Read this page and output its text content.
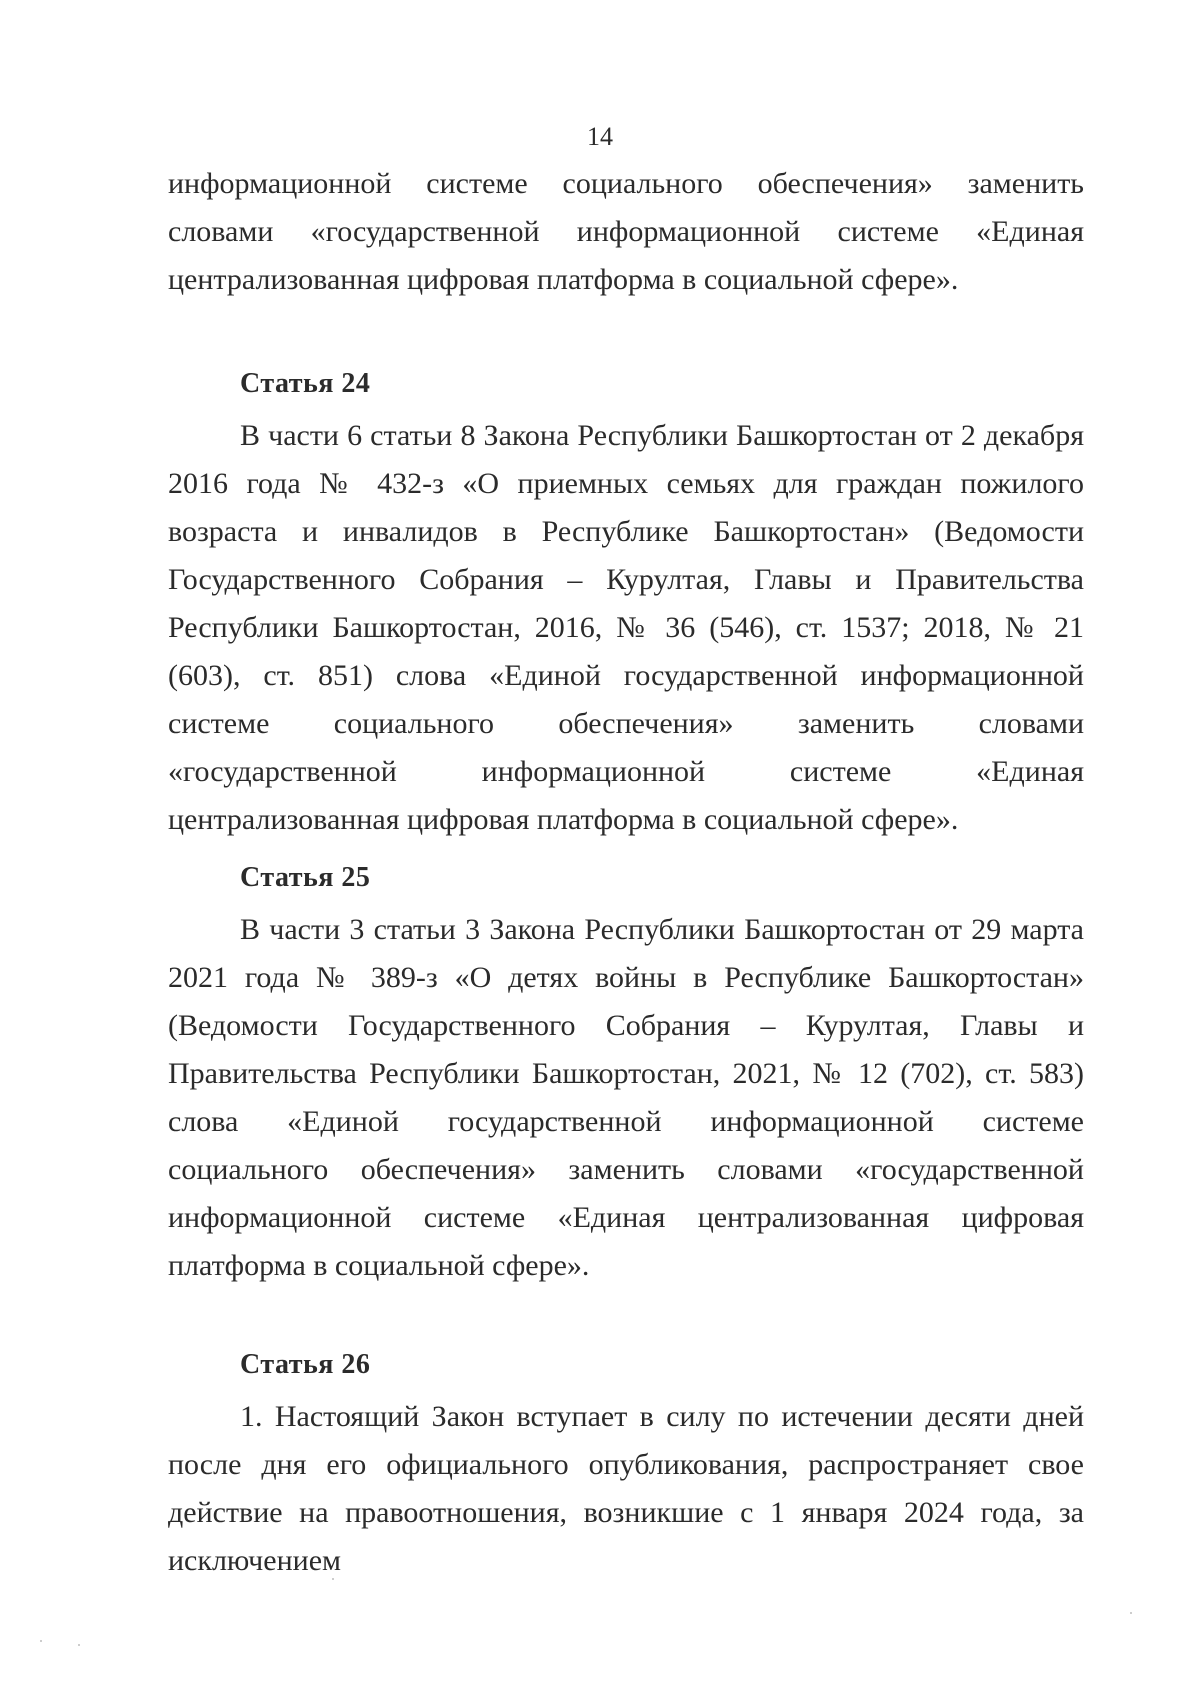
14
информационной системе социального обеспечения» заменить словами «государственной информационной системе «Единая централизованная цифровая платформа в социальной сфере».
Статья 24
В части 6 статьи 8 Закона Республики Башкортостан от 2 декабря 2016 года № 432-з «О приемных семьях для граждан пожилого возраста и инвалидов в Республике Башкортостан» (Ведомости Государственного Собрания – Курултая, Главы и Правительства Республики Башкортостан, 2016, № 36 (546), ст. 1537; 2018, № 21 (603), ст. 851) слова «Единой государственной информационной системе социального обеспечения» заменить словами «государственной информационной системе «Единая централизованная цифровая платформа в социальной сфере».
Статья 25
В части 3 статьи 3 Закона Республики Башкортостан от 29 марта 2021 года № 389-з «О детях войны в Республике Башкортостан» (Ведомости Государственного Собрания – Курултая, Главы и Правительства Республики Башкортостан, 2021, № 12 (702), ст. 583) слова «Единой государственной информационной системе социального обеспечения» заменить словами «государственной информационной системе «Единая централизованная цифровая платформа в социальной сфере».
Статья 26
1. Настоящий Закон вступает в силу по истечении десяти дней после дня его официального опубликования, распространяет свое действие на правоотношения, возникшие с 1 января 2024 года, за исключением
